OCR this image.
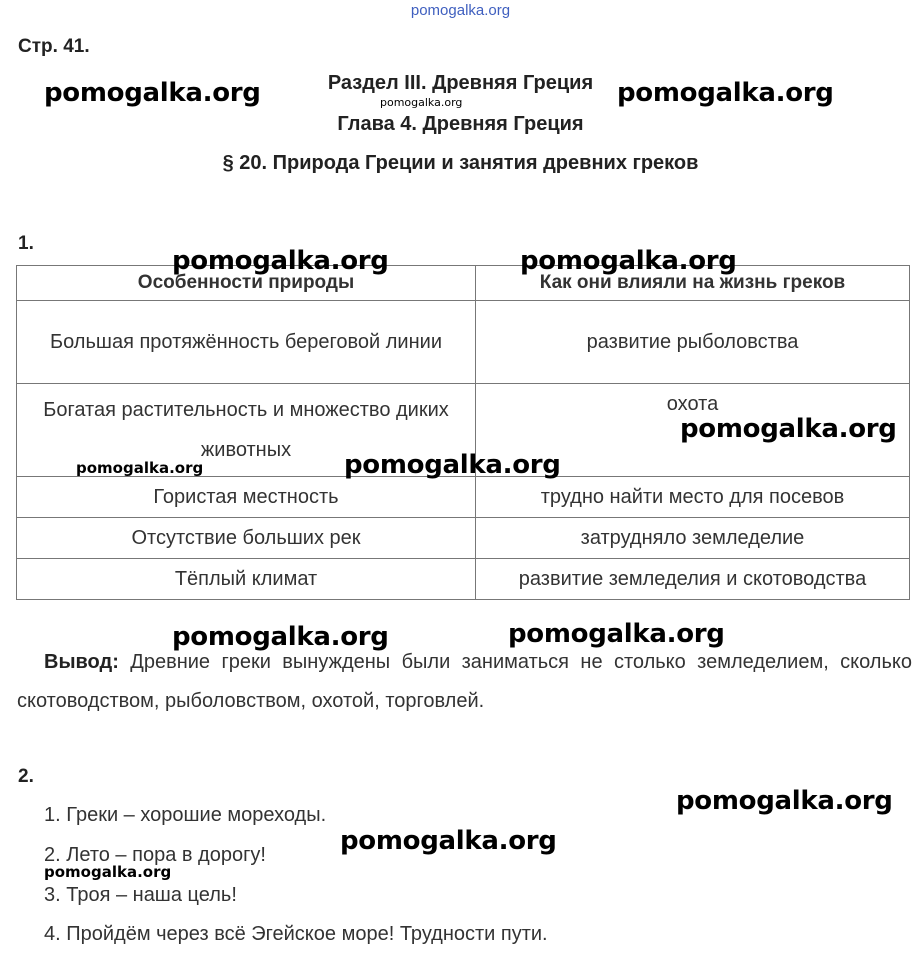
pomogalka.org
Стр. 41.
Раздел III. Древняя Греция
Глава 4. Древняя Греция
§ 20. Природа Греции и занятия древних греков
1.
Особенности природы	Как они влияли на жизнь греков
Большая протяжённость береговой линии	развитие рыболовства
Богатая растительность и множество диких животных	охота
Гористая местность	трудно найти место для посевов
Отсутствие больших рек	затрудняло земледелие
Тёплый климат	развитие земледелия и скотоводства
Вывод: Древние греки вынуждены были заниматься не столько земледелием, сколько скотоводством, рыболовством, охотой, торговлей.
2.
1. Греки – хорошие мореходы.
2. Лето – пора в дорогу!
3. Троя – наша цель!
4. Пройдём через всё Эгейское море! Трудности пути.
pomogalka.org	pomogalka.org
pomogalka.org
pomogalka.org	pomogalka.org
pomogalka.org
pomogalka.org	pomogalka.org
pomogalka.org	pomogalka.org
pomogalka.org
pomogalka.org
pomogalka.org
